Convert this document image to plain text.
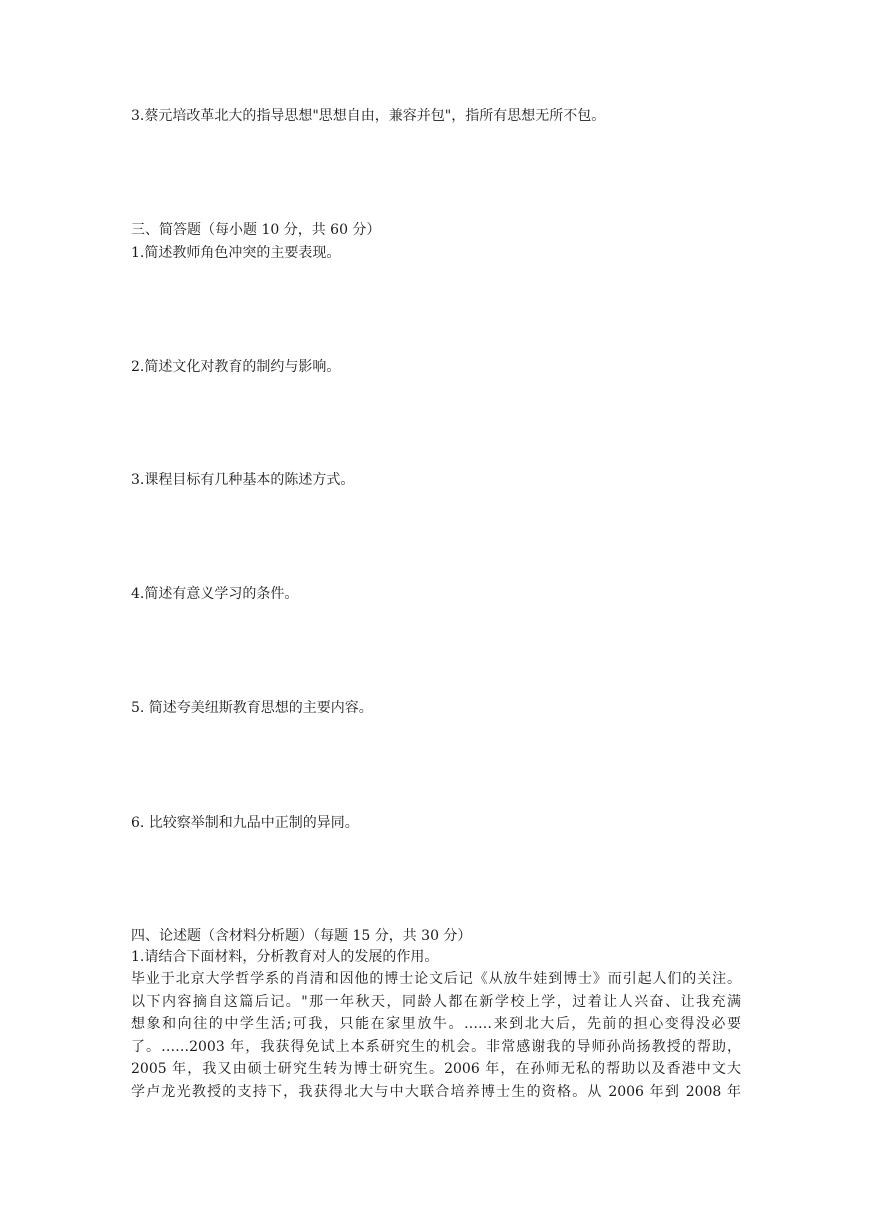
3.蔡元培改革北大的指导思想"思想自由，兼容并包"，指所有思想无所不包。
三、简答题（每小题 10 分，共 60 分）
1.简述教师角色冲突的主要表现。
2.简述文化对教育的制约与影响。
3.课程目标有几种基本的陈述方式。
4.简述有意义学习的条件。
5. 简述夸美纽斯教育思想的主要内容。
6. 比较察举制和九品中正制的异同。
四、论述题（含材料分析题）（每题 15 分，共 30 分）
1.请结合下面材料，分析教育对人的发展的作用。
毕业于北京大学哲学系的肖清和因他的博士论文后记《从放牛娃到博士》而引起人们的关注。
以下内容摘自这篇后记。"那一年秋天，同龄人都在新学校上学，过着让人兴奋、让我充满
想象和向往的中学生活;可我，只能在家里放牛。……来到北大后，先前的担心变得没必要
了。……2003 年，我获得免试上本系研究生的机会。非常感谢我的导师孙尚扬教授的帮助，
2005 年，我又由硕士研究生转为博士研究生。2006 年，在孙师无私的帮助以及香港中文大
学卢龙光教授的支持下，我获得北大与中大联合培养博士生的资格。从 2006 年到 2008 年
